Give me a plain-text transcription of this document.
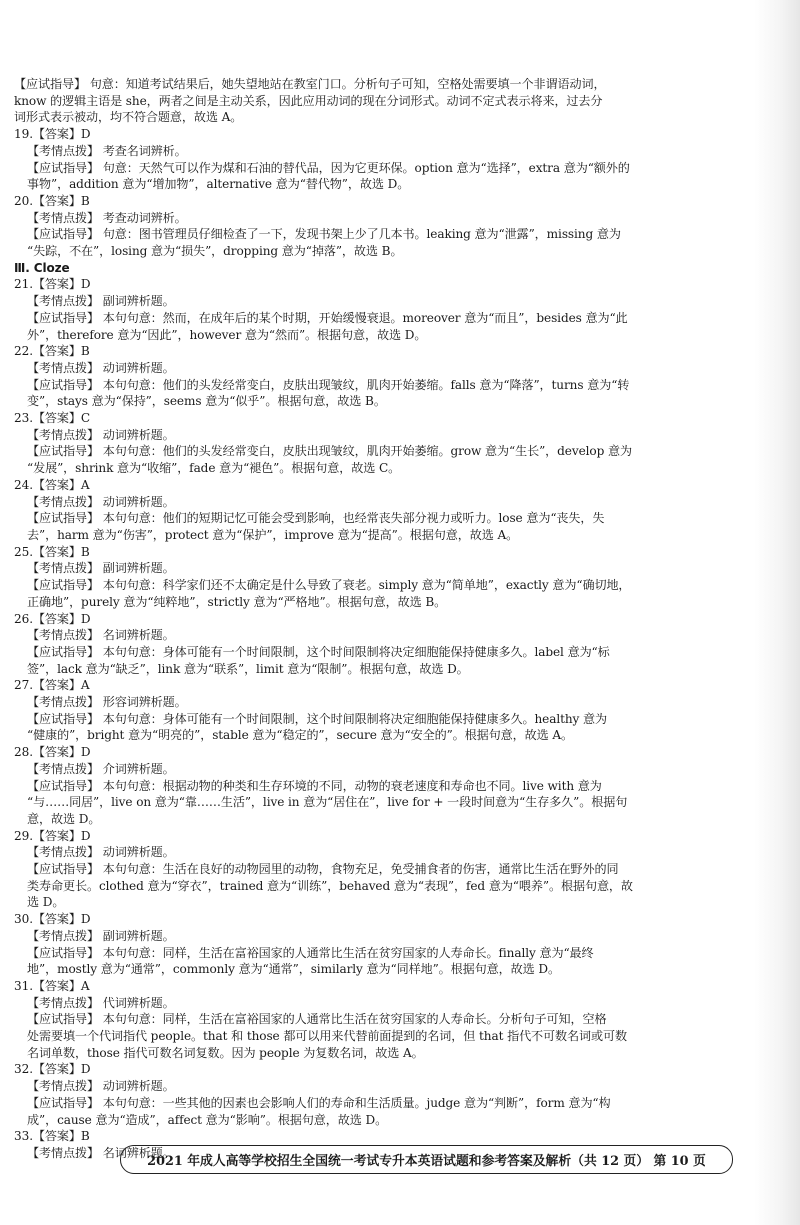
【应试指导】 句意：知道考试结果后，她失望地站在教室门口。分析句子可知，空格处需要填一个非谓语动词，
know 的逻辑主语是 she，两者之间是主动关系，因此应用动词的现在分词形式。动词不定式表示将来，过去分
词形式表示被动，均不符合题意，故选 A。
19.【答案】D
【考情点拨】 考查名词辨析。
【应试指导】 句意：天然气可以作为煤和石油的替代品，因为它更环保。option 意为“选择”，extra 意为“额外的
事物”，addition 意为“增加物”，alternative 意为“替代物”，故选 D。
20.【答案】B
【考情点拨】 考查动词辨析。
【应试指导】 句意：图书管理员仔细检查了一下，发现书架上少了几本书。leaking 意为“泄露”，missing 意为
“失踪，不在”，losing 意为“损失”，dropping 意为“掉落”，故选 B。
Ⅲ. Cloze
21.【答案】D
【考情点拨】 副词辨析题。
【应试指导】 本句句意：然而，在成年后的某个时期，开始缓慢衰退。moreover 意为“而且”，besides 意为“此
外”，therefore 意为“因此”，however 意为“然而”。根据句意，故选 D。
22.【答案】B
【考情点拨】 动词辨析题。
【应试指导】 本句句意：他们的头发经常变白，皮肤出现皱纹，肌肉开始萎缩。falls 意为“降落”，turns 意为“转
变”，stays 意为“保持”，seems 意为“似乎”。根据句意，故选 B。
23.【答案】C
【考情点拨】 动词辨析题。
【应试指导】 本句句意：他们的头发经常变白，皮肤出现皱纹，肌肉开始萎缩。grow 意为“生长”，develop 意为
“发展”，shrink 意为“收缩”，fade 意为“褪色”。根据句意，故选 C。
24.【答案】A
【考情点拨】 动词辨析题。
【应试指导】 本句句意：他们的短期记忆可能会受到影响，也经常丧失部分视力或听力。lose 意为“丧失，失
去”，harm 意为“伤害”，protect 意为“保护”，improve 意为“提高”。根据句意，故选 A。
25.【答案】B
【考情点拨】 副词辨析题。
【应试指导】 本句句意：科学家们还不太确定是什么导致了衰老。simply 意为“简单地”，exactly 意为“确切地，
正确地”，purely 意为“纯粹地”，strictly 意为“严格地”。根据句意，故选 B。
26.【答案】D
【考情点拨】 名词辨析题。
【应试指导】 本句句意：身体可能有一个时间限制，这个时间限制将决定细胞能保持健康多久。label 意为“标
签”，lack 意为“缺乏”，link 意为“联系”，limit 意为“限制”。根据句意，故选 D。
27.【答案】A
【考情点拨】 形容词辨析题。
【应试指导】 本句句意：身体可能有一个时间限制，这个时间限制将决定细胞能保持健康多久。healthy 意为
“健康的”，bright 意为“明亮的”，stable 意为“稳定的”，secure 意为“安全的”。根据句意，故选 A。
28.【答案】D
【考情点拨】 介词辨析题。
【应试指导】 本句句意：根据动物的种类和生存环境的不同，动物的衰老速度和寿命也不同。live with 意为
“与……同居”，live on 意为“靠……生活”，live in 意为“居住在”，live for + 一段时间意为“生存多久”。根据句
意，故选 D。
29.【答案】D
【考情点拨】 动词辨析题。
【应试指导】 本句句意：生活在良好的动物园里的动物，食物充足，免受捕食者的伤害，通常比生活在野外的同
类寿命更长。clothed 意为“穿衣”，trained 意为“训练”，behaved 意为“表现”，fed 意为“喂养”。根据句意，故
选 D。
30.【答案】D
【考情点拨】 副词辨析题。
【应试指导】 本句句意：同样，生活在富裕国家的人通常比生活在贫穷国家的人寿命长。finally 意为“最终
地”，mostly 意为“通常”，commonly 意为“通常”，similarly 意为“同样地”。根据句意，故选 D。
31.【答案】A
【考情点拨】 代词辨析题。
【应试指导】 本句句意：同样，生活在富裕国家的人通常比生活在贫穷国家的人寿命长。分析句子可知，空格
处需要填一个代词指代 people。that 和 those 都可以用来代替前面提到的名词，但 that 指代不可数名词或可数
名词单数，those 指代可数名词复数。因为 people 为复数名词，故选 A。
32.【答案】D
【考情点拨】 动词辨析题。
【应试指导】 本句句意：一些其他的因素也会影响人们的寿命和生活质量。judge 意为“判断”，form 意为“构
成”，cause 意为“造成”，affect 意为“影响”。根据句意，故选 D。
33.【答案】B
【考情点拨】 名词辨析题。
2021 年成人高等学校招生全国统一考试专升本英语试题和参考答案及解析（共 12 页） 第 10 页
